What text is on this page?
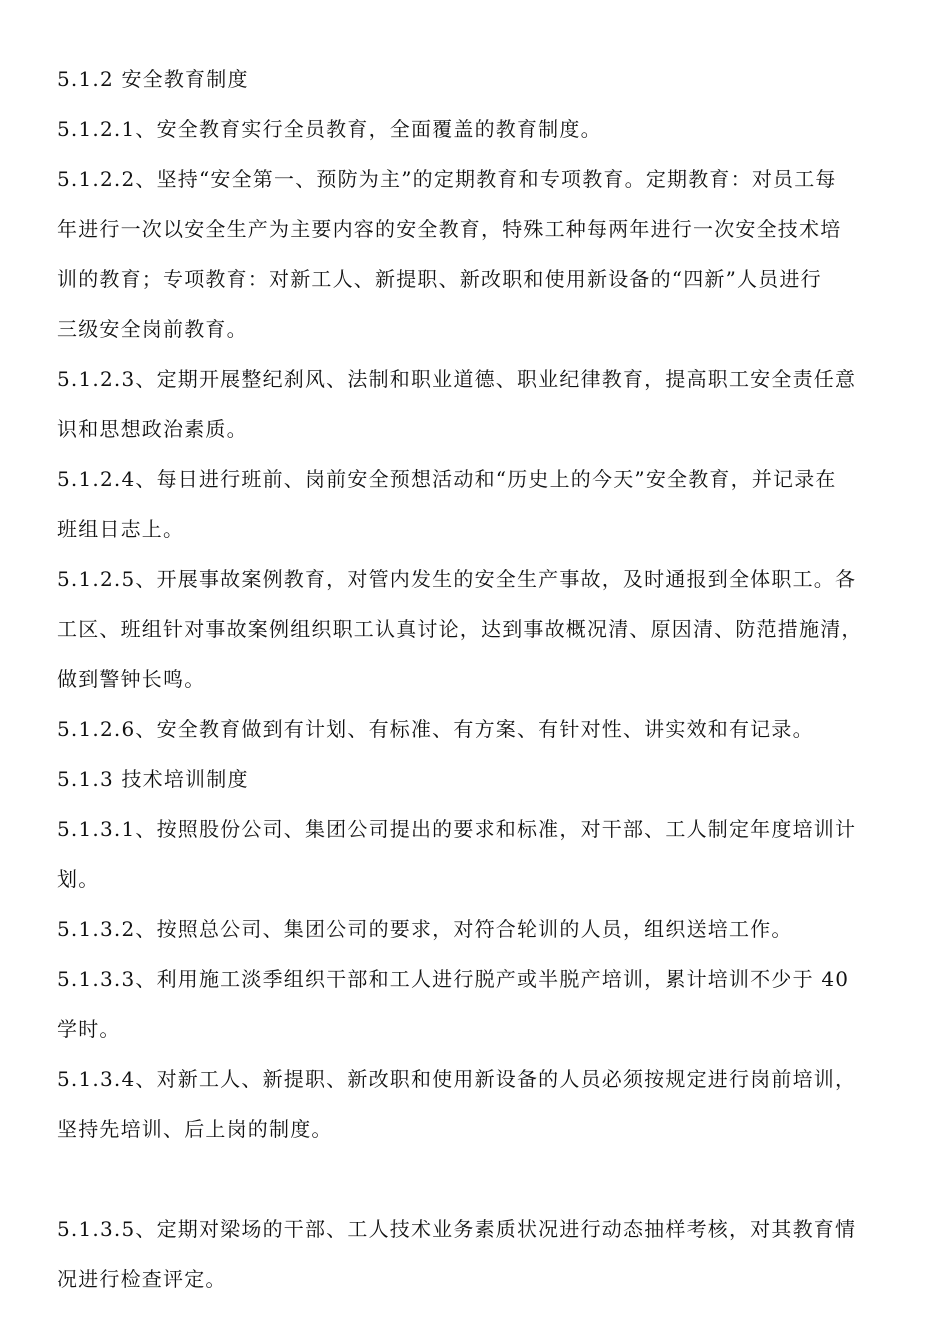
5.1.2 安全教育制度
5.1.2.1、安全教育实行全员教育，全面覆盖的教育制度。
5.1.2.2、坚持“安全第一、预防为主”的定期教育和专项教育。定期教育：对员工每
年进行一次以安全生产为主要内容的安全教育，特殊工种每两年进行一次安全技术培
训的教育；专项教育：对新工人、新提职、新改职和使用新设备的“四新”人员进行
三级安全岗前教育。
5.1.2.3、定期开展整纪刹风、法制和职业道德、职业纪律教育，提高职工安全责任意
识和思想政治素质。
5.1.2.4、每日进行班前、岗前安全预想活动和“历史上的今天”安全教育，并记录在
班组日志上。
5.1.2.5、开展事故案例教育，对管内发生的安全生产事故，及时通报到全体职工。各
工区、班组针对事故案例组织职工认真讨论，达到事故概况清、原因清、防范措施清，
做到警钟长鸣。
5.1.2.6、安全教育做到有计划、有标准、有方案、有针对性、讲实效和有记录。
5.1.3 技术培训制度
5.1.3.1、按照股份公司、集团公司提出的要求和标准，对干部、工人制定年度培训计
划。
5.1.3.2、按照总公司、集团公司的要求，对符合轮训的人员，组织送培工作。
5.1.3.3、利用施工淡季组织干部和工人进行脱产或半脱产培训，累计培训不少于 40
学时。
5.1.3.4、对新工人、新提职、新改职和使用新设备的人员必须按规定进行岗前培训，
坚持先培训、后上岗的制度。
5.1.3.5、定期对梁场的干部、工人技术业务素质状况进行动态抽样考核，对其教育情
况进行检查评定。
